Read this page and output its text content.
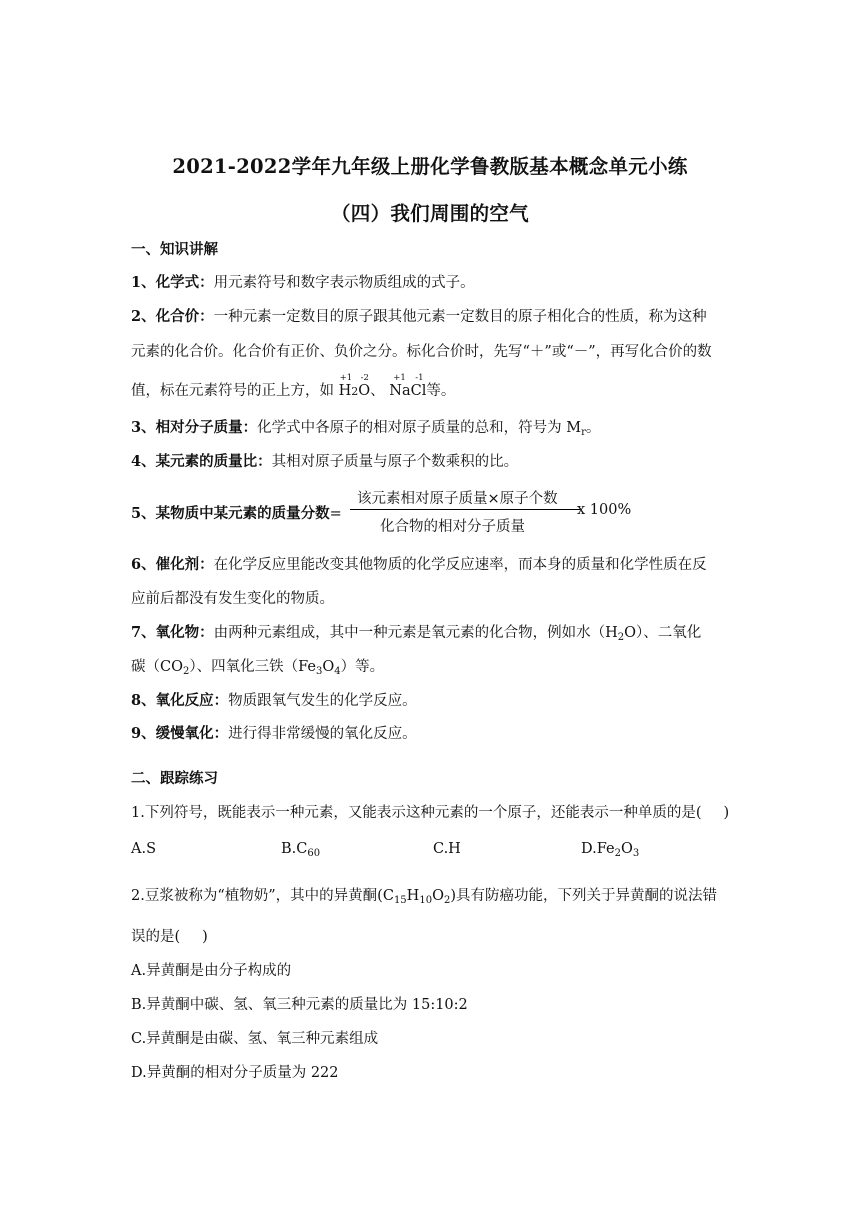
2021-2022学年九年级上册化学鲁教版基本概念单元小练
（四）我们周围的空气
一、知识讲解
1、化学式：用元素符号和数字表示物质组成的式子。
2、化合价：一种元素一定数目的原子跟其他元素一定数目的原子相化合的性质，称为这种
元素的化合价。化合价有正价、负价之分。标化合价时，先写“＋”或“－”，再写化合价的数
值，标在元素符号的正上方，如
+1 -2
H2O、
+1 -1
NaCl等。
3、相对分子质量：化学式中各原子的相对原子质量的总和，符号为 $M_r$。
4、某元素的质量比：其相对原子质量与原子个数乘积的比。
5、某物质中某元素的质量分数=
该元素相对原子质量×原子个数
化合物的相对分子质量
x 100%
6、催化剂：在化学反应里能改变其他物质的化学反应速率，而本身的质量和化学性质在反
应前后都没有发生变化的物质。
7、氧化物：由两种元素组成，其中一种元素是氧元素的化合物，例如水$(H_2O)$、二氧化
碳$(CO_2)$、四氧化三铁$(Fe_3O_4)$等。
8、氧化反应：物质跟氧气发生的化学反应。
9、缓慢氧化：进行得非常缓慢的氧化反应。
二、跟踪练习
1.下列符号，既能表示一种元素，又能表示这种元素的一个原子，还能表示一种单质的是( )
A.S	$B.C_{60}$	C.H	$D.Fe_2O_3$
2.豆浆被称为“植物奶”，其中的异黄酮$(C_{15}H_{10}O_2)$具有防癌功能，下列关于异黄酮的说法错
误的是( )
A.异黄酮是由分子构成的
B.异黄酮中碳、氢、氧三种元素的质量比为 15:10:2
C.异黄酮是由碳、氢、氧三种元素组成
D.异黄酮的相对分子质量为 222
